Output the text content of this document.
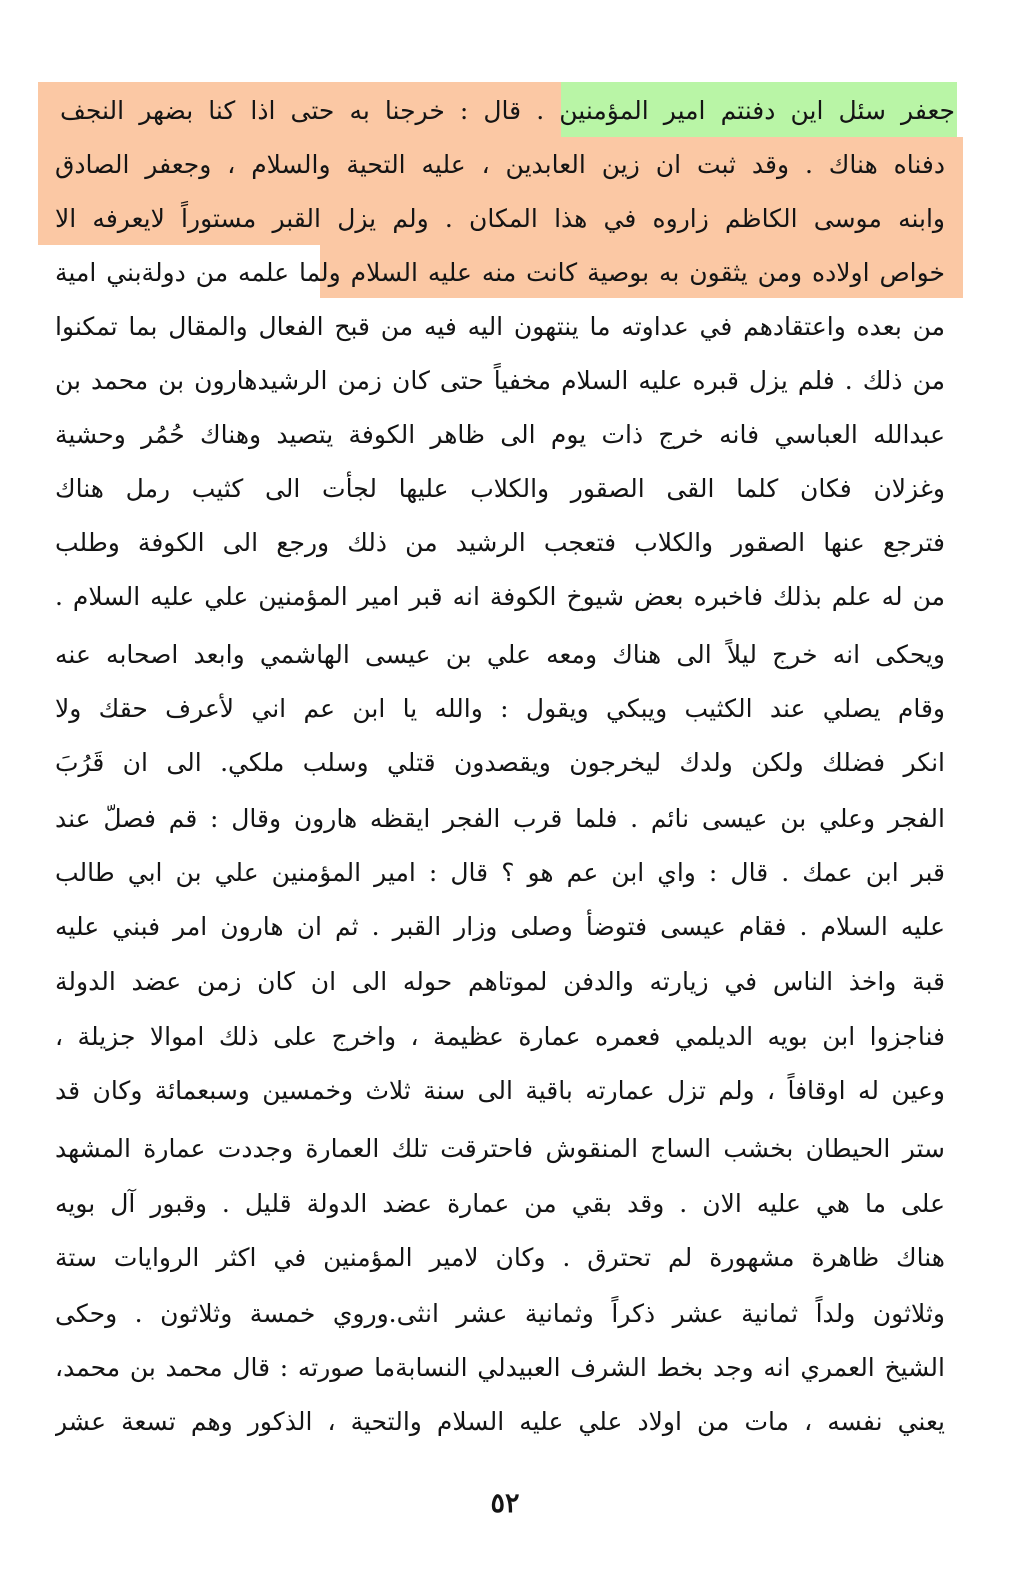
جعفر سئل اين دفنتم امير المؤمنين . قال : خرجنا به حتى اذا كنا بضهر النجف
دفناه هناك . وقد ثبت ان زين العابدين ، عليه التحية والسلام ، وجعفر الصادق
وابنه موسى الكاظم زاروه في هذا المكان . ولم يزل القبر مستوراً لايعرفه الا
خواص اولاده ومن يثقون به بوصية كانت منه عليه السلام ولما علمه من دولةبني امية
من بعده واعتقادهم في عداوته ما ينتهون اليه فيه من قبح الفعال والمقال بما تمكنوا
من ذلك . فلم يزل قبره عليه السلام مخفياً حتى كان زمن الرشيدهارون بن محمد بن
عبدالله العباسي فانه خرج ذات يوم الى ظاهر الكوفة يتصيد وهناك حُمُر وحشية
وغزلان فكان كلما القى الصقور والكلاب عليها لجأت الى كثيب رمل هناك
فترجع عنها الصقور والكلاب فتعجب الرشيد من ذلك ورجع الى الكوفة وطلب
من له علم بذلك فاخبره بعض شيوخ الكوفة انه قبر امير المؤمنين علي عليه السلام .
ويحكى انه خرج ليلاً الى هناك ومعه علي بن عيسى الهاشمي وابعد اصحابه عنه
وقام يصلي عند الكثيب ويبكي ويقول : والله يا ابن عم اني لأعرف حقك ولا
انكر فضلك ولكن ولدك ليخرجون ويقصدون قتلي وسلب ملكي. الى ان قَرُبَ
الفجر وعلي بن عيسى نائم . فلما قرب الفجر ايقظه هارون وقال : قم فصلّ عند
قبر ابن عمك . قال : واي ابن عم هو ؟ قال : امير المؤمنين علي بن ابي طالب
عليه السلام . فقام عيسى فتوضأ وصلى وزار القبر . ثم ان هارون امر فبني عليه
قبة واخذ الناس في زيارته والدفن لموتاهم حوله الى ان كان زمن عضد الدولة
فناجزوا ابن بويه الديلمي فعمره عمارة عظيمة ، واخرج على ذلك اموالا جزيلة ،
وعين له اوقافاً ، ولم تزل عمارته باقية الى سنة ثلاث وخمسين وسبعمائة وكان قد
ستر الحيطان بخشب الساج المنقوش فاحترقت تلك العمارة وجددت عمارة المشهد
على ما هي عليه الان . وقد بقي من عمارة عضد الدولة قليل . وقبور آل بويه
هناك ظاهرة مشهورة لم تحترق . وكان لامير المؤمنين في اكثر الروايات ستة
وثلاثون ولداً ثمانية عشر ذكراً وثمانية عشر انثى.وروي خمسة وثلاثون . وحكى
الشيخ العمري انه وجد بخط الشرف العبيدلي النسابةما صورته : قال محمد بن محمد،
يعني نفسه ، مات من اولاد علي عليه السلام والتحية ، الذكور وهم تسعة عشر
٥٢
